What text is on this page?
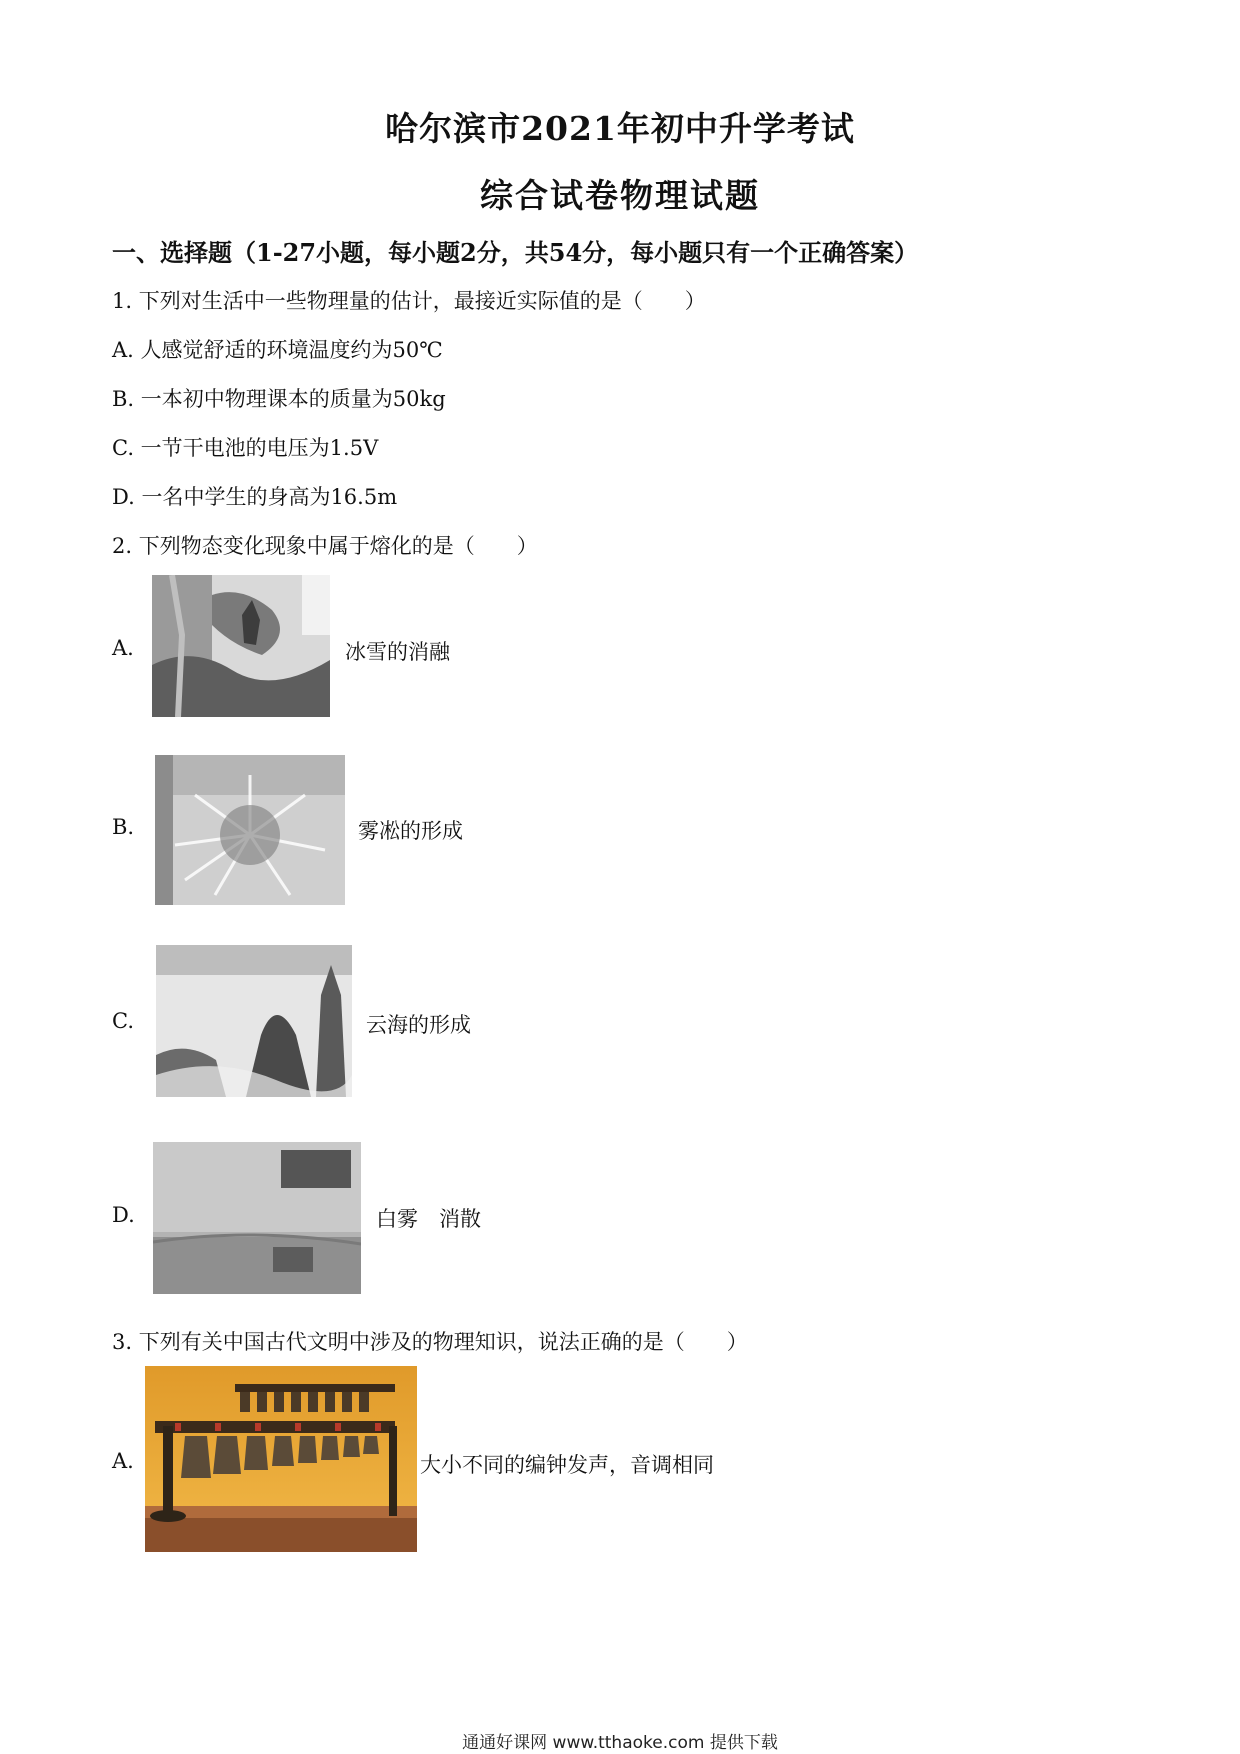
哈尔滨市2021年初中升学考试
综合试卷物理试题
一、选择题（1-27小题，每小题2分，共54分，每小题只有一个正确答案）
1. 下列对生活中一些物理量的估计，最接近实际值的是（　　）
A. 人感觉舒适的环境温度约为50℃
B. 一本初中物理课本的质量为50kg
C. 一节干电池的电压为1.5V
D. 一名中学生的身高为16.5m
2. 下列物态变化现象中属于熔化的是（　　）
A.	冰雪的消融
B.	雾凇的形成
C.	云海的形成
D.	白雾　消散
3. 下列有关中国古代文明中涉及的物理知识，说法正确的是（　　）
A.	大小不同的编钟发声，音调相同
通通好课网 www.tthaoke.com 提供下载
